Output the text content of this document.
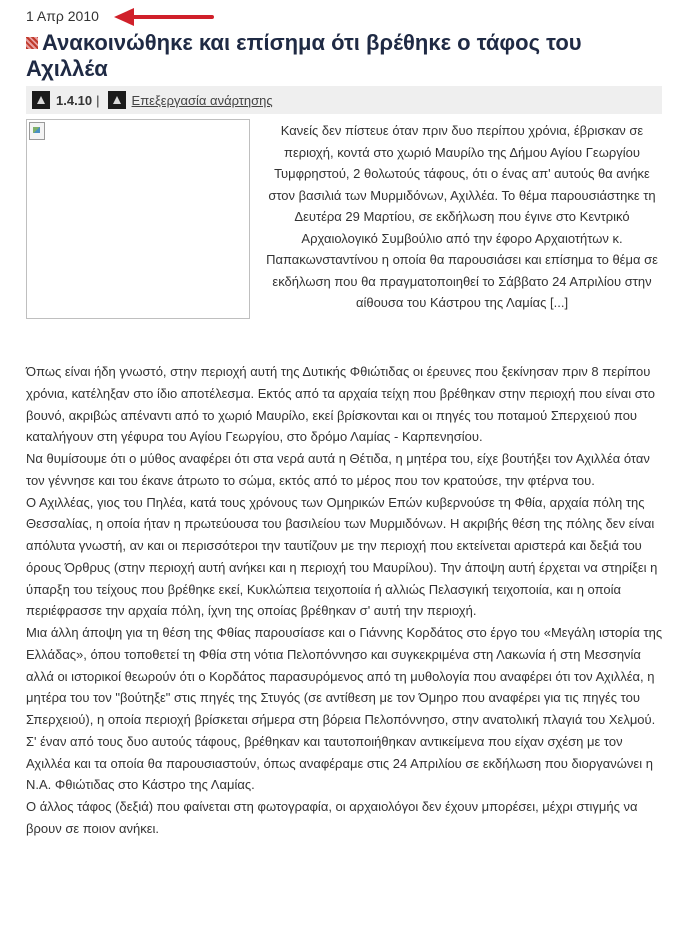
1 Απρ 2010
Ανακοινώθηκε και επίσημα ότι βρέθηκε ο τάφος του Αχιλλέα
1.4.10 | Επεξεργασία ανάρτησης

Κανείς δεν πίστευε όταν πριν δυο περίπου χρόνια, έβρισκαν σε περιοχή, κοντά στο χωριό Μαυρίλο της Δήμου Αγίου Γεωργίου Τυμφρηστού, 2 θολωτούς τάφους, ότι ο ένας απ' αυτούς θα ανήκε στον βασιλιά των Μυρμιδόνων, Αχιλλέα. Το θέμα παρουσιάστηκε τη Δευτέρα 29 Μαρτίου, σε εκδήλωση που έγινε στο Κεντρικό Αρχαιολογικό Συμβούλιο από την έφορο Αρχαιοτήτων κ. Παπακωνσταντίνου η οποία θα παρουσιάσει και επίσημα το θέμα σε εκδήλωση που θα πραγματοποιηθεί το Σάββατο 24 Απριλίου στην αίθουσα του Κάστρου της Λαμίας [...]

Όπως είναι ήδη γνωστό, στην περιοχή αυτή της Δυτικής Φθιώτιδας οι έρευνες που ξεκίνησαν πριν 8 περίπου χρόνια, κατέληξαν στο ίδιο αποτέλεσμα. Εκτός από τα αρχαία τείχη που βρέθηκαν στην περιοχή που είναι στο βουνό, ακριβώς απέναντι από το χωριό Μαυρίλο, εκεί βρίσκονται και οι πηγές του ποταμού Σπερχειού που καταλήγουν στη γέφυρα του Αγίου Γεωργίου, στο δρόμο Λαμίας - Καρπενησίου.

Να θυμίσουμε ότι ο μύθος αναφέρει ότι στα νερά αυτά η Θέτιδα, η μητέρα του, είχε βουτήξει τον Αχιλλέα όταν τον γέννησε και του έκανε άτρωτο το σώμα, εκτός από το μέρος που τον κρατούσε, την φτέρνα του.

Ο Αχιλλέας, γιος του Πηλέα, κατά τους χρόνους των Ομηρικών Επών κυβερνούσε τη Φθία, αρχαία πόλη της Θεσσαλίας, η οποία ήταν η πρωτεύουσα του βασιλείου των Μυρμιδόνων. Η ακριβής θέση της πόλης δεν είναι απόλυτα γνωστή, αν και οι περισσότεροι την ταυτίζουν με την περιοχή που εκτείνεται αριστερά και δεξιά του όρους Όρθρυς (στην περιοχή αυτή ανήκει και η περιοχή του Μαυρίλου). Την άποψη αυτή έρχεται να στηρίξει η ύπαρξη του τείχους που βρέθηκε εκεί, Κυκλώπεια τειχοποιία ή αλλιώς Πελασγική τειχοποιία, και η οποία περιέφρασσε την αρχαία πόλη, ίχνη της οποίας βρέθηκαν σ' αυτή την περιοχή.

Μια άλλη άποψη για τη θέση της Φθίας παρουσίασε και ο Γιάννης Κορδάτος στο έργο του «Μεγάλη ιστορία της Ελλάδας», όπου τοποθετεί τη Φθία στη νότια Πελοπόννησο και συγκεκριμένα στη Λακωνία ή στη Μεσσηνία αλλά οι ιστορικοί θεωρούν ότι ο Κορδάτος παρασυρόμενος από τη μυθολογία που αναφέρει ότι τον Αχιλλέα, η μητέρα του τον "βούτηξε" στις πηγές της Στυγός (σε αντίθεση με τον Όμηρο που αναφέρει για τις πηγές του Σπερχειού), η οποία περιοχή βρίσκεται σήμερα στη βόρεια Πελοπόννησο, στην ανατολική πλαγιά του Χελμού.

Σ' έναν από τους δυο αυτούς τάφους, βρέθηκαν και ταυτοποιήθηκαν αντικείμενα που είχαν σχέση με τον Αχιλλέα και τα οποία θα παρουσιαστούν, όπως αναφέραμε στις 24 Απριλίου σε εκδήλωση που διοργανώνει η Ν.Α. Φθιώτιδας στο Κάστρο της Λαμίας.

Ο άλλος τάφος (δεξιά) που φαίνεται στη φωτογραφία, οι αρχαιολόγοι δεν έχουν μπορέσει, μέχρι στιγμής να βρουν σε ποιον ανήκει.
